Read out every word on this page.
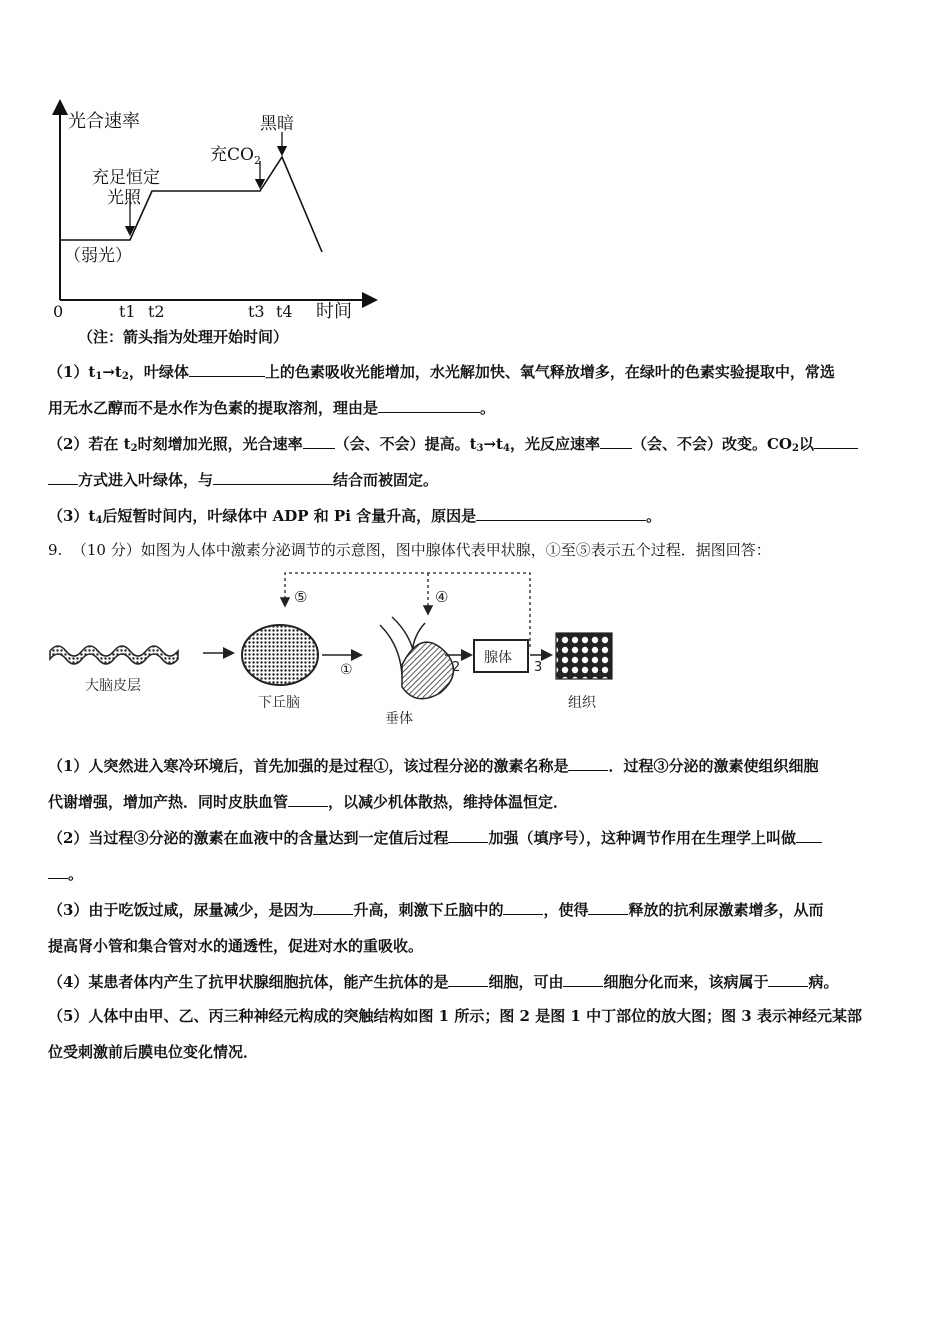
光合速率
时间
0	t1 t2	t3 t4
（弱光）
充足恒定
光照
充$CO_2$
黑暗
（注：箭头指为处理开始时间）
$(1)t_1\to t_2$，叶绿体	上的色素吸收光能增加，水光解加快、氧气释放增多，在绿叶的色素实验提取中，常选
用无水乙醇而不是水作为色素的提取溶剂，理由是	。
（2）若在 $t_2$时刻增加光照，光合速率 （会、不会）提高。$t_3\to t_4$，光反应速率 （会、不会）改变。$CO_2$以
方式进入叶绿体，与	结合而被固定。
$(3)t_4$后短暂时间内，叶绿体中 ADP 和 Pi 含量升高，原因是	。
9. （10 分）如图为人体中激素分泌调节的示意图，图中腺体代表甲状腺，①至⑤表示五个过程．据图回答：
⑤	④
大脑皮层
下丘脑
①
垂体
2
腺体
3
组织
（1）人突然进入寒冷环境后，首先加强的是过程①，该过程分泌的激素名称是	．过程③分泌的激素使组织细胞
代谢增强，增加产热．同时皮肤血管	，以减少机体散热，维持体温恒定．
（2）当过程③分泌的激素在血液中的含量达到一定值后过程	加强（填序号），这种调节作用在生理学上叫做
。
（3）由于吃饭过咸，尿量减少，是因为	升高，刺激下丘脑中的	，使得	释放的抗利尿激素增多，从而
提高肾小管和集合管对水的通透性，促进对水的重吸收。
（4）某患者体内产生了抗甲状腺细胞抗体，能产生抗体的是	细胞，可由	细胞分化而来，该病属于	病。
（5）人体中由甲、乙、丙三种神经元构成的突触结构如图 1 所示；图 2 是图 1 中丁部位的放大图；图 3 表示神经元某部
位受刺激前后膜电位变化情况．
